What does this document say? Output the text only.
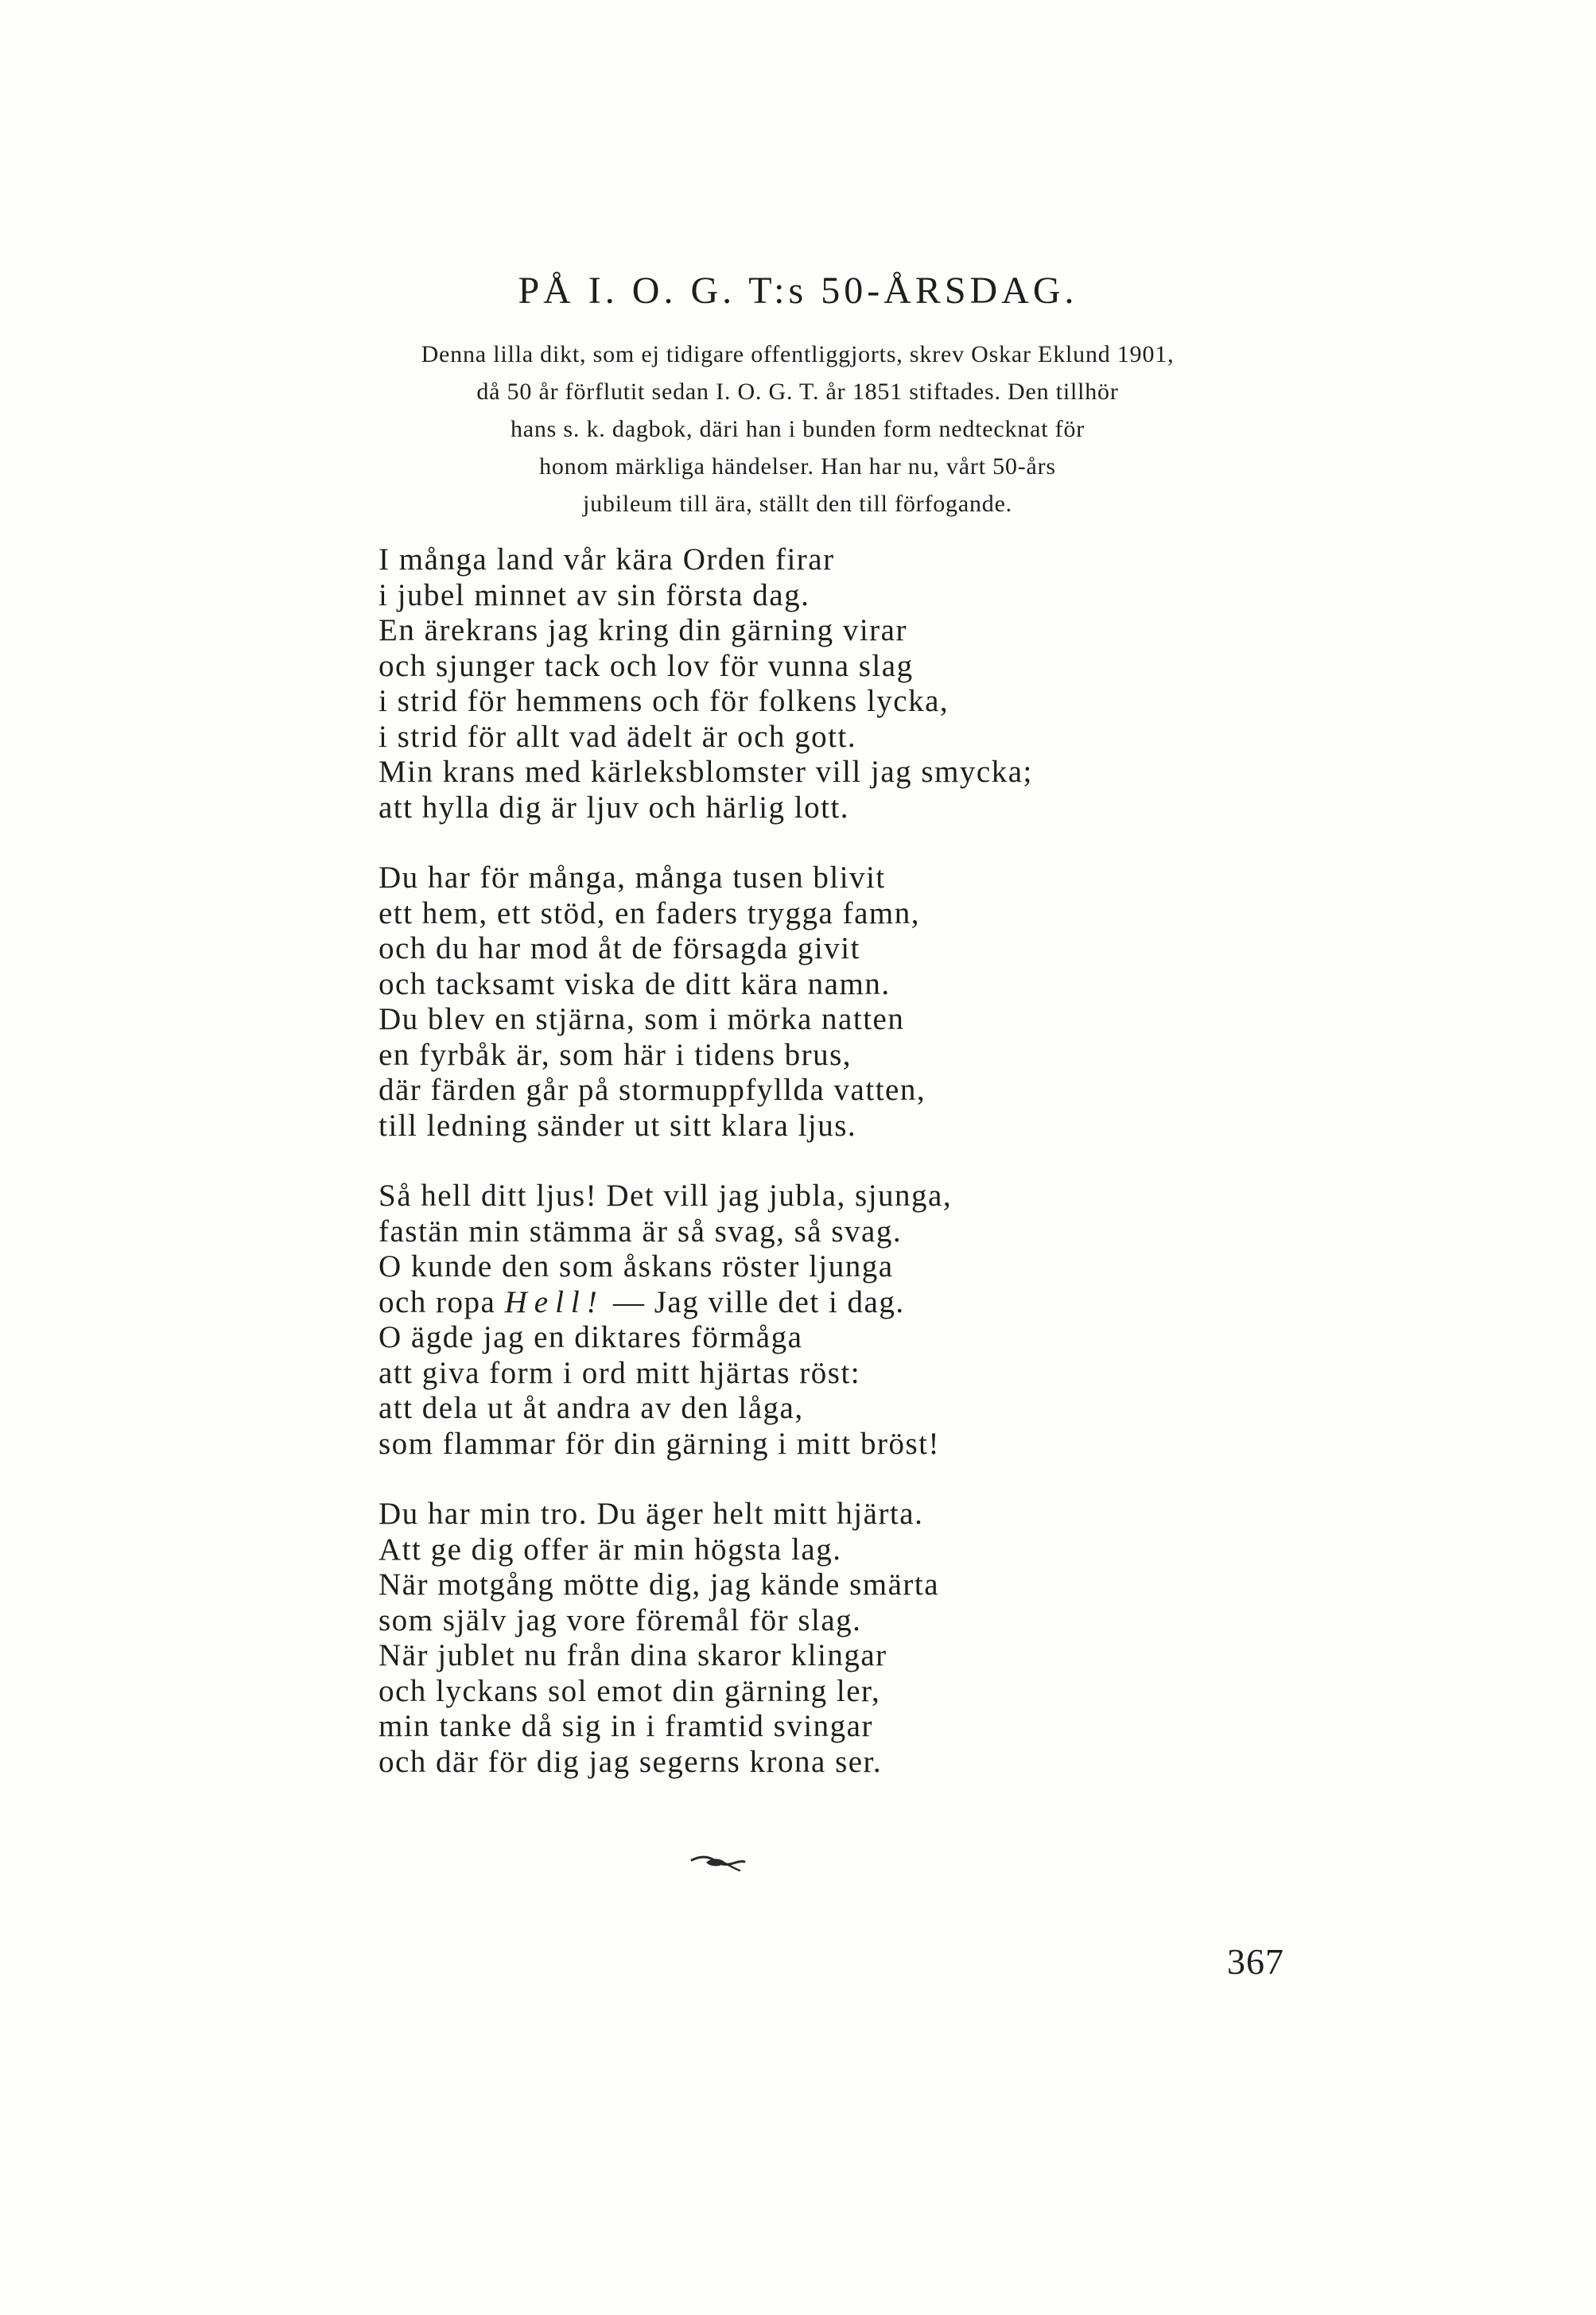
PÅ I. O. G. T:s 50-ÅRSDAG.
Denna lilla dikt, som ej tidigare offentliggjorts, skrev Oskar Eklund 1901,
då 50 år förflutit sedan I. O. G. T. år 1851 stiftades. Den tillhör
hans s. k. dagbok, däri han i bunden form nedtecknat för
honom märkliga händelser. Han har nu, vårt 50-års
jubileum till ära, ställt den till förfogande.
I många land vår kära Orden firar
i jubel minnet av sin första dag.
En ärekrans jag kring din gärning virar
och sjunger tack och lov för vunna slag
i strid för hemmens och för folkens lycka,
i strid för allt vad ädelt är och gott.
Min krans med kärleksblomster vill jag smycka;
att hylla dig är ljuv och härlig lott.
Du har för många, många tusen blivit
ett hem, ett stöd, en faders trygga famn,
och du har mod åt de försagda givit
och tacksamt viska de ditt kära namn.
Du blev en stjärna, som i mörka natten
en fyrbåk är, som här i tidens brus,
där färden går på stormuppfyllda vatten,
till ledning sänder ut sitt klara ljus.
Så hell ditt ljus! Det vill jag jubla, sjunga,
fastän min stämma är så svag, så svag.
O kunde den som åskans röster ljunga
och ropa Hell! — Jag ville det i dag.
O ägde jag en diktares förmåga
att giva form i ord mitt hjärtas röst:
att dela ut åt andra av den låga,
som flammar för din gärning i mitt bröst!
Du har min tro. Du äger helt mitt hjärta.
Att ge dig offer är min högsta lag.
När motgång mötte dig, jag kände smärta
som själv jag vore föremål för slag.
När jublet nu från dina skaror klingar
och lyckans sol emot din gärning ler,
min tanke då sig in i framtid svingar
och där för dig jag segerns krona ser.
367
